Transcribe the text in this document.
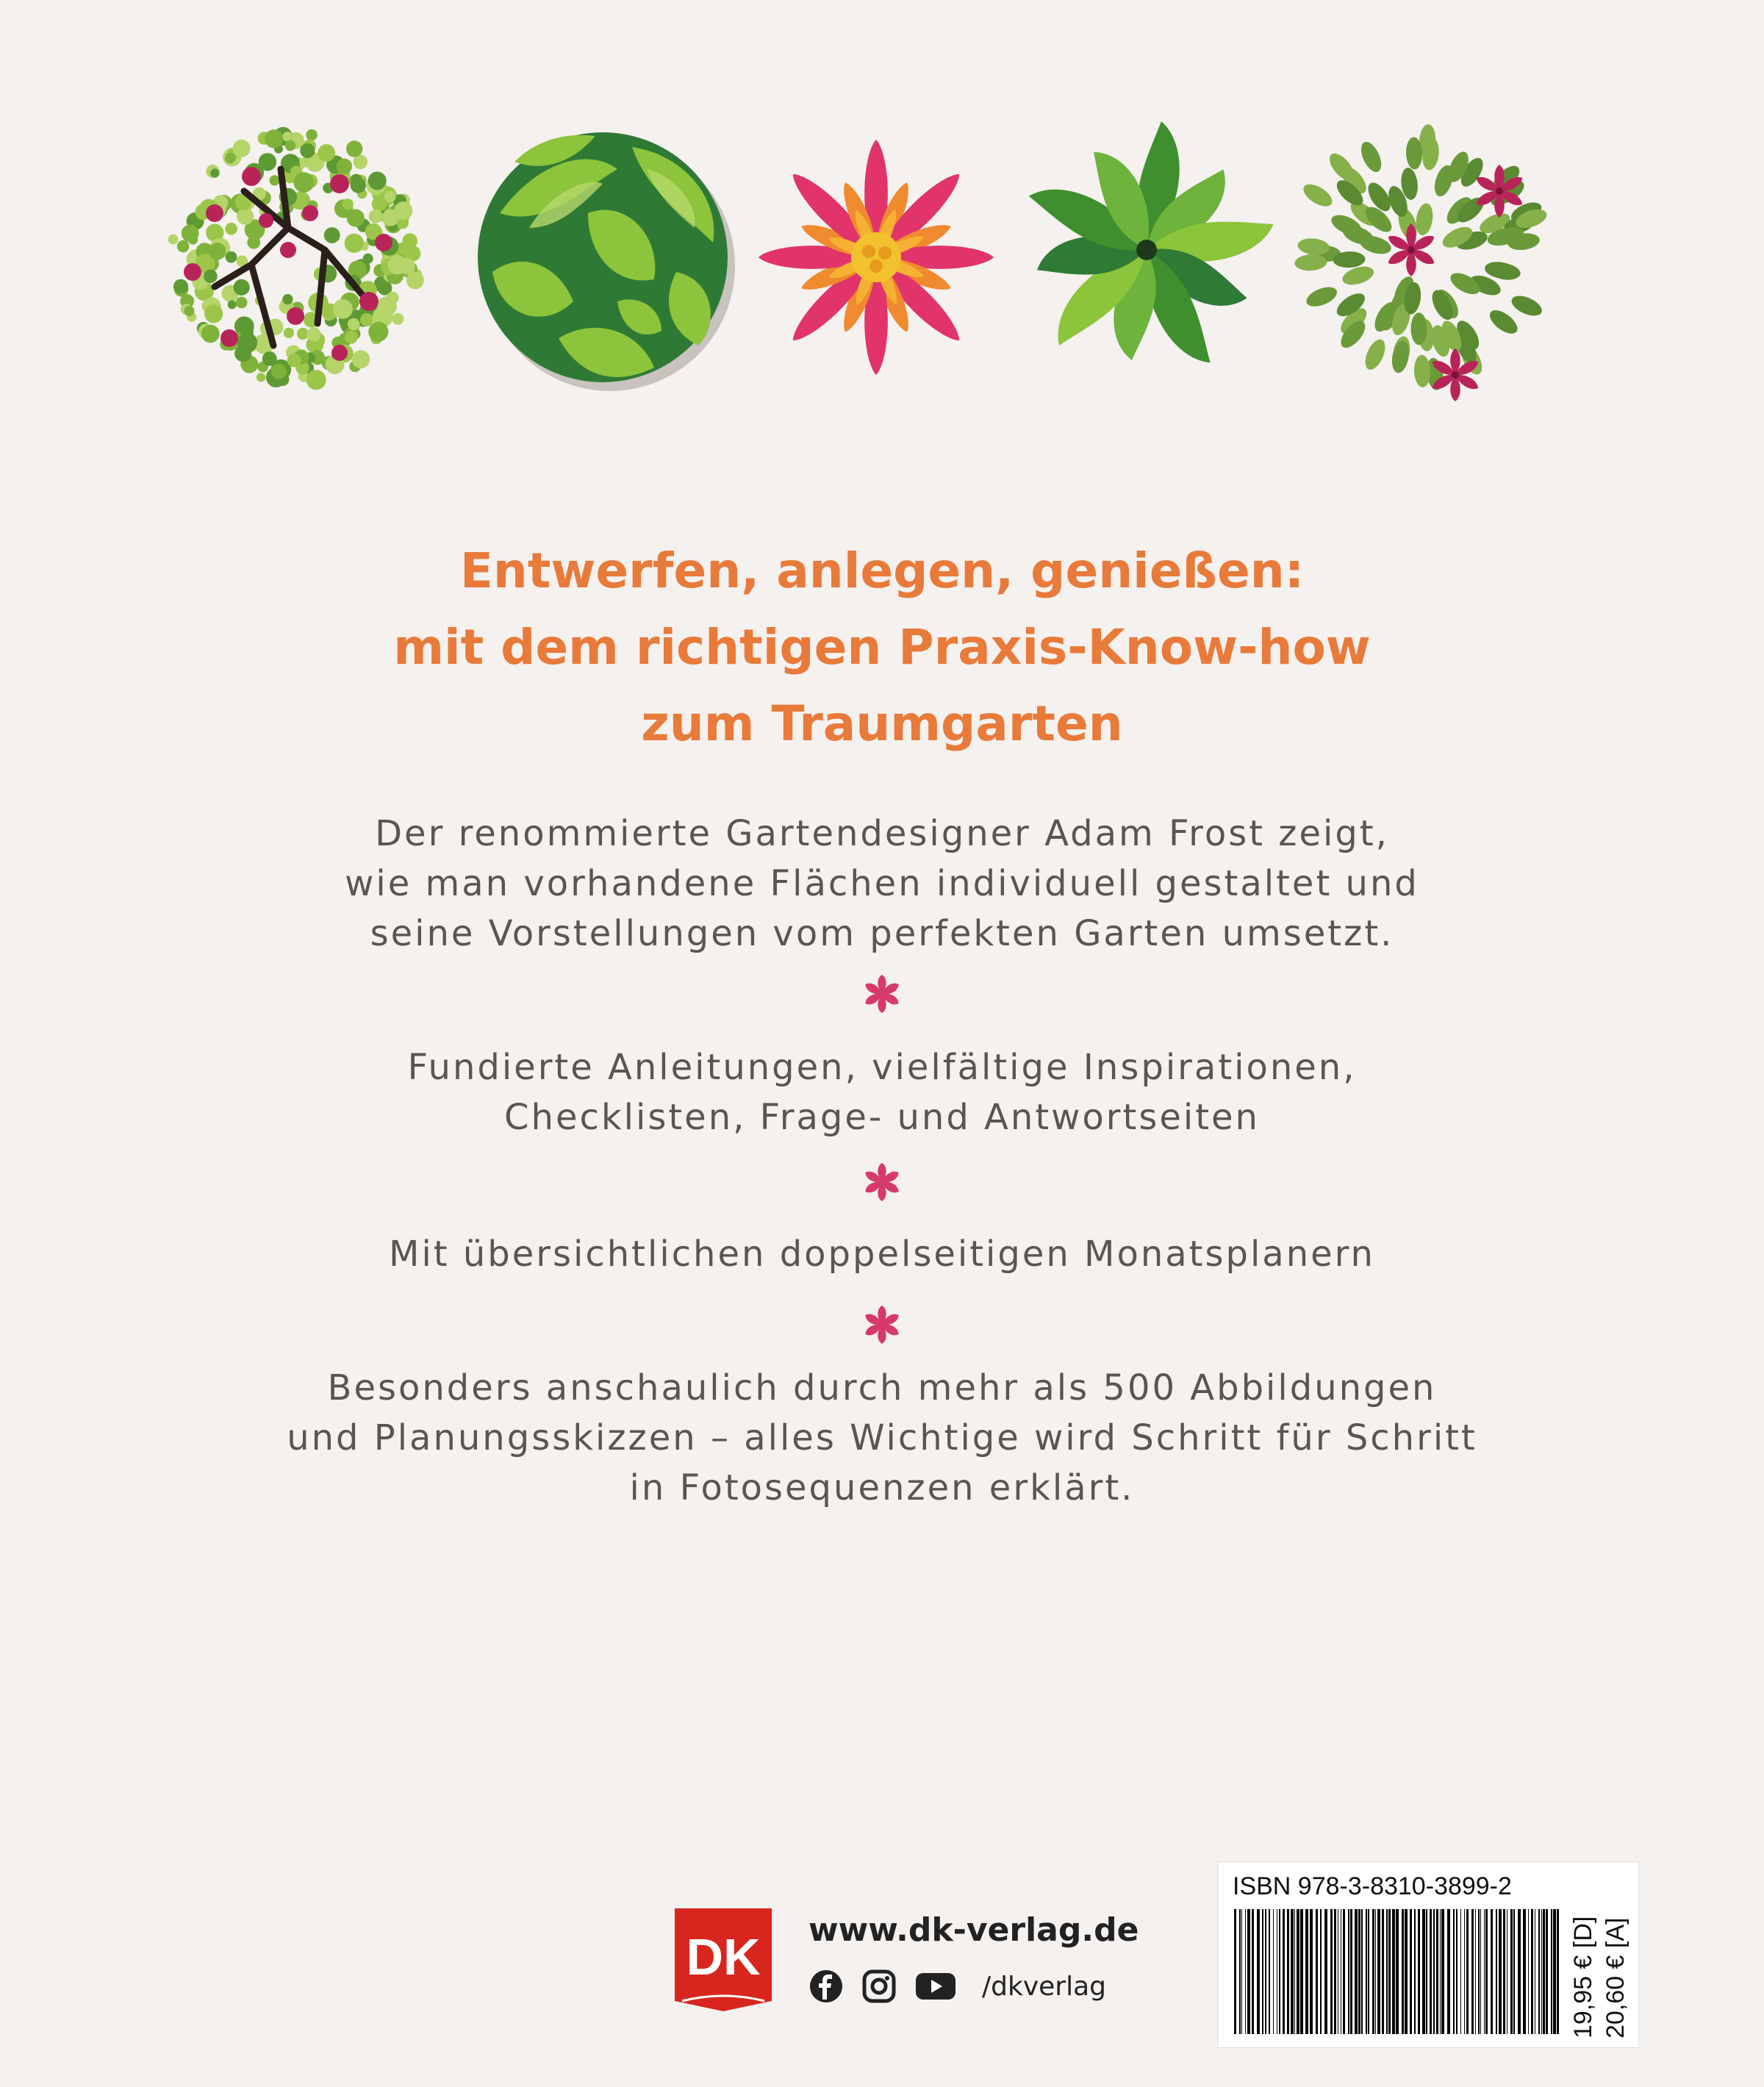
Entwerfen, anlegen, genießen:
mit dem richtigen Praxis-Know-how
zum Traumgarten
Der renommierte Gartendesigner Adam Frost zeigt,
wie man vorhandene Flächen individuell gestaltet und
seine Vorstellungen vom perfekten Garten umsetzt.
Fundierte Anleitungen, vielfältige Inspirationen,
Checklisten, Frage- und Antwortseiten
Mit übersichtlichen doppelseitigen Monatsplanern
Besonders anschaulich durch mehr als 500 Abbildungen
und Planungsskizzen – alles Wichtige wird Schritt für Schritt
in Fotosequenzen erklärt.
DK www.dk-verlag.de
/dkverlag
ISBN 978-3-8310-3899-2
19,95 € [D] 20,60 € [A]
